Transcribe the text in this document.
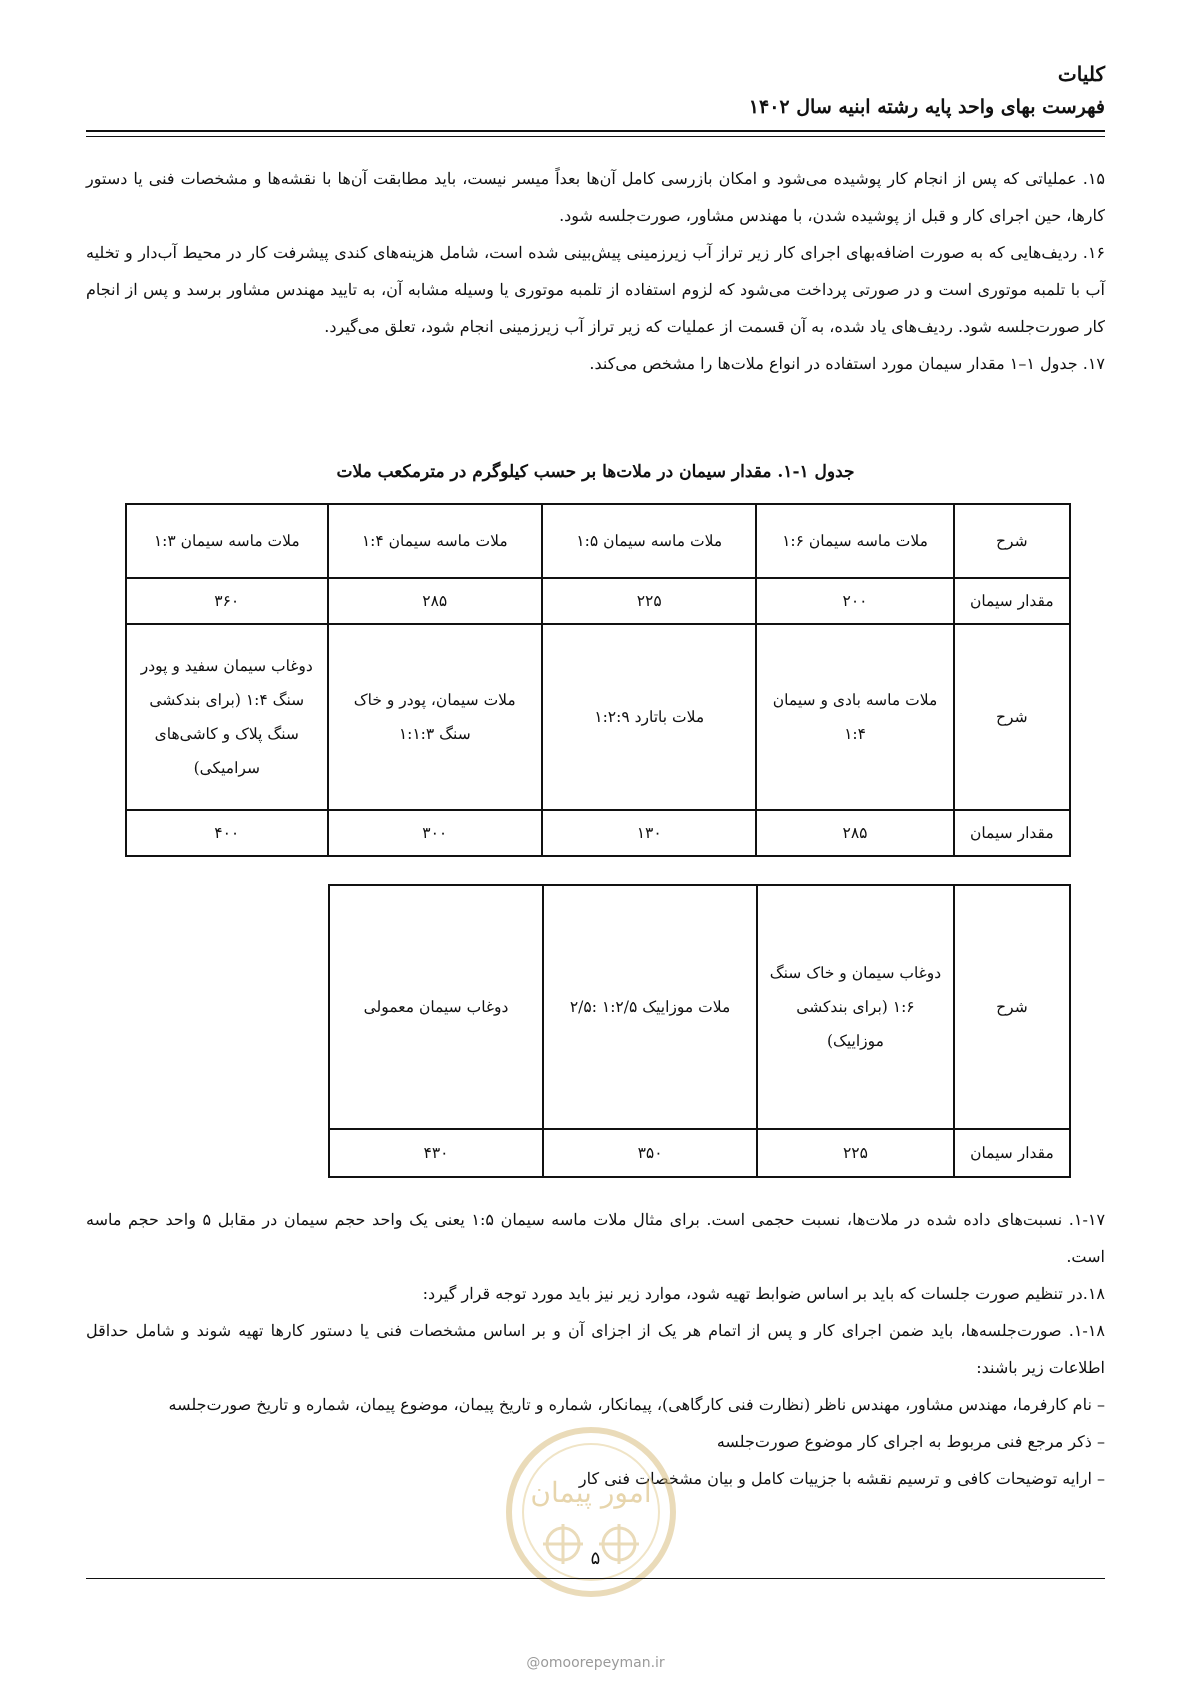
کلیات
فهرست بهای واحد پایه رشته ابنیه سال ۱۴۰۲

۱۵. عملیاتی که پس از انجام کار پوشیده می‌شود و امکان بازرسی کامل آن‌ها بعداً میسر نیست، باید مطابقت آن‌ها با نقشه‌ها و مشخصات فنی یا دستور کارها، حین اجرای کار و قبل از پوشیده شدن، با مهندس مشاور، صورت‌جلسه شود.

۱۶. ردیف‌هایی که به صورت اضافه‌بهای اجرای کار زیر تراز آب زیرزمینی پیش‌بینی شده است، شامل هزینه‌های کندی پیشرفت کار در محیط آب‌دار و تخلیه آب با تلمبه موتوری است و در صورتی پرداخت می‌شود که لزوم استفاده از تلمبه موتوری یا وسیله مشابه آن، به تایید مهندس مشاور برسد و پس از انجام کار صورت‌جلسه شود. ردیف‌های یاد شده، به آن قسمت از عملیات که زیر تراز آب زیرزمینی انجام شود، تعلق می‌گیرد.

۱۷. جدول ۱–۱ مقدار سیمان مورد استفاده در انواع ملات‌ها را مشخص می‌کند.

جدول ۱-۱. مقدار سیمان در ملات‌ها بر حسب کیلوگرم در مترمکعب ملات
شرح	ملات ماسه سیمان ۱:۶	ملات ماسه سیمان ۱:۵	ملات ماسه سیمان ۱:۴	ملات ماسه سیمان ۱:۳
مقدار سیمان	۲۰۰	۲۲۵	۲۸۵	۳۶۰
شرح	ملات ماسه بادی و سیمان ۱:۴	ملات باتارد ۱:۲:۹	ملات سیمان، پودر و خاک سنگ ۱:۱:۳	دوغاب سیمان سفید و پودر سنگ ۱:۴ (برای بندکشی سنگ پلاک و کاشی‌های سرامیکی)
مقدار سیمان	۲۸۵	۱۳۰	۳۰۰	۴۰۰
شرح	دوغاب سیمان و خاک سنگ ۱:۶ (برای بندکشی موزاییک)	ملات موزاییک ۱:۲/۵ :۲/۵	دوغاب سیمان معمولی
مقدار سیمان	۲۲۵	۳۵۰	۴۳۰

۱-۱۷. نسبت‌های داده شده در ملات‌ها، نسبت حجمی است. برای مثال ملات ماسه سیمان ۱:۵ یعنی یک واحد حجم سیمان در مقابل ۵ واحد حجم ماسه است.

۱۸.در تنظیم صورت جلسات که باید بر اساس ضوابط تهیه شود، موارد زیر نیز باید مورد توجه قرار گیرد:

۱-۱۸. صورت‌جلسه‌ها، باید ضمن اجرای کار و پس از اتمام هر یک از اجزای آن و بر اساس مشخصات فنی یا دستور کارها تهیه شوند و شامل حداقل اطلاعات زیر باشند:

– نام کارفرما، مهندس مشاور، مهندس ناظر (نظارت فنی کارگاهی)، پیمانکار، شماره و تاریخ پیمان، موضوع پیمان، شماره و تاریخ صورت‌جلسه

– ذکر مرجع فنی مربوط به اجرای کار موضوع صورت‌جلسه

– ارایه توضیحات کافی و ترسیم نقشه با جزییات کامل و بیان مشخصات فنی کار

امور پیمان
۵
@omoorepeyman.ir
